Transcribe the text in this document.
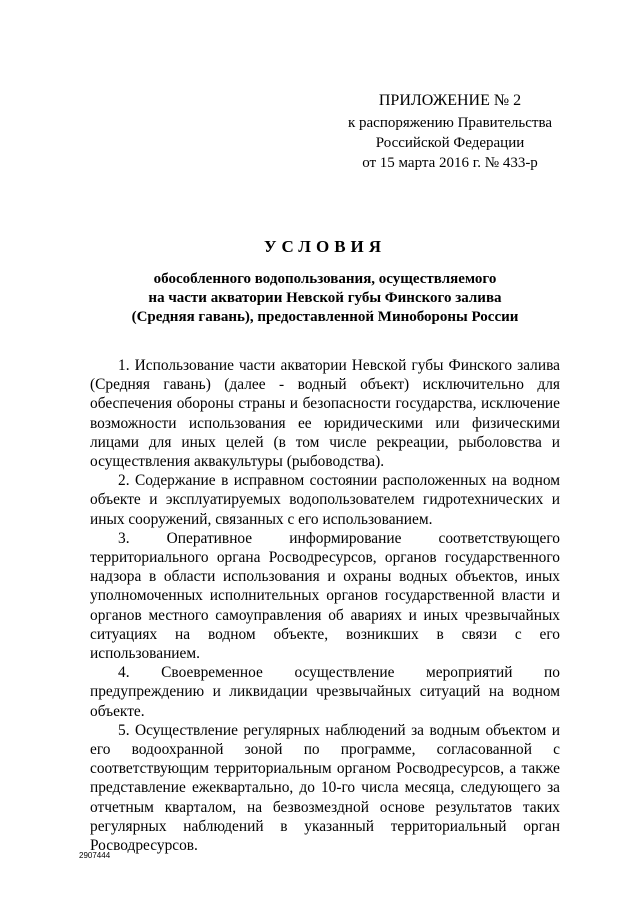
ПРИЛОЖЕНИЕ № 2
к распоряжению Правительства
Российской Федерации
от 15 марта 2016 г. № 433-р
УСЛОВИЯ
обособленного водопользования, осуществляемого
на части акватории Невской губы Финского залива
(Средняя гавань), предоставленной Минобороны России

1. Использование части акватории Невской губы Финского залива (Средняя гавань) (далее - водный объект) исключительно для обеспечения обороны страны и безопасности государства, исключение возможности использования ее юридическими или физическими лицами для иных целей (в том числе рекреации, рыболовства и осуществления аквакультуры (рыбоводства).

2. Содержание в исправном состоянии расположенных на водном объекте и эксплуатируемых водопользователем гидротехнических и иных сооружений, связанных с его использованием.

3. Оперативное информирование соответствующего территориального органа Росводресурсов, органов государственного надзора в области использования и охраны водных объектов, иных уполномоченных исполнительных органов государственной власти и органов местного самоуправления об авариях и иных чрезвычайных ситуациях на водном объекте, возникших в связи с его использованием.

4. Своевременное осуществление мероприятий по предупреждению и ликвидации чрезвычайных ситуаций на водном объекте.

5. Осуществление регулярных наблюдений за водным объектом и его водоохранной зоной по программе, согласованной с соответствующим территориальным органом Росводресурсов, а также представление ежеквартально, до 10-го числа месяца, следующего за отчетным кварталом, на безвозмездной основе результатов таких регулярных наблюдений в указанный территориальный орган Росводресурсов.

2907444
